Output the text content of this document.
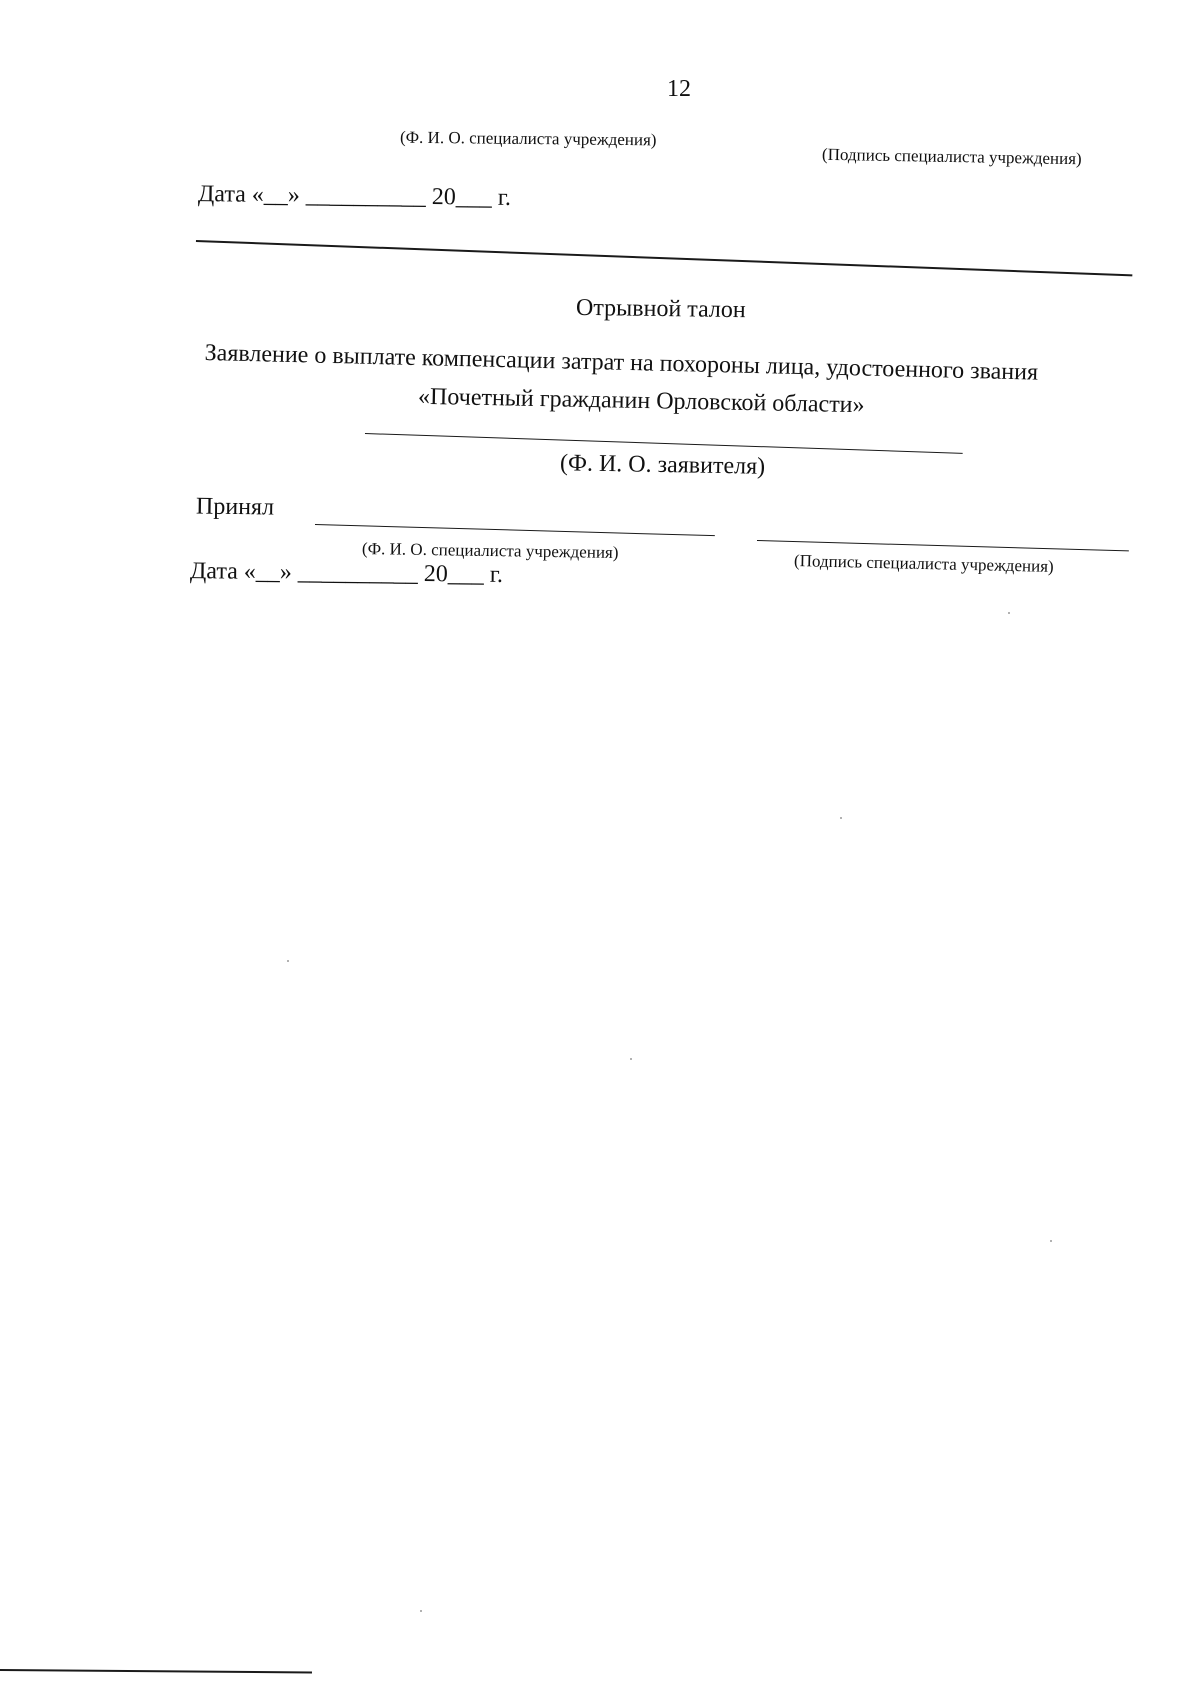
12
(Ф. И. О. специалиста учреждения)
(Подпись специалиста учреждения)
Дата «__» __________ 20___ г.
Отрывной талон
Заявление о выплате компенсации затрат на похороны лица, удостоенного звания
«Почетный гражданин Орловской области»
(Ф. И. О. заявителя)
Принял
(Ф. И. О. специалиста учреждения)
(Подпись специалиста учреждения)
Дата «__» __________ 20___ г.
